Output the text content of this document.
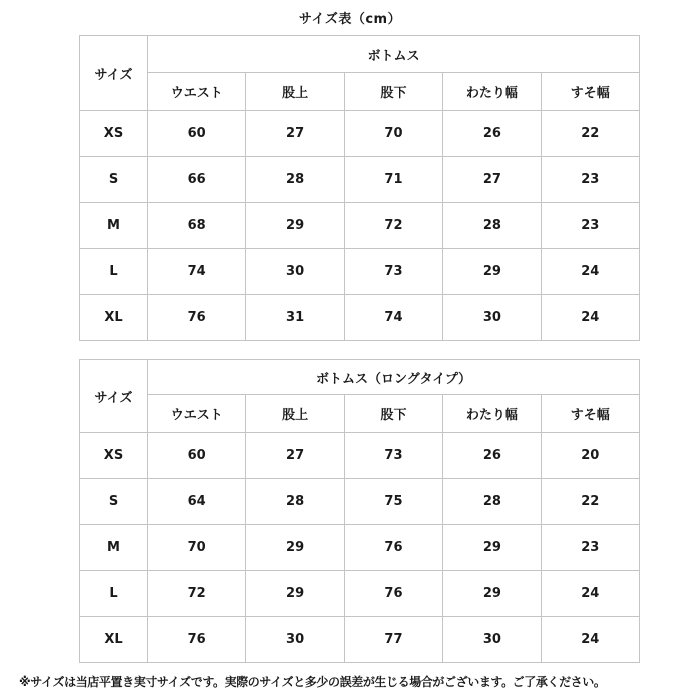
サイズ表（cm）
サイズ	ボトムス				
	ウエスト	股上	股下	わたり幅	すそ幅
XS	60	27	70	26	22
S	66	28	71	27	23
M	68	29	72	28	23
L	74	30	73	29	24
XL	76	31	74	30	24
サイズ	ボトムス（ロングタイプ）				
	ウエスト	股上	股下	わたり幅	すそ幅
XS	60	27	73	26	20
S	64	28	75	28	22
M	70	29	76	29	23
L	72	29	76	29	24
XL	76	30	77	30	24
※サイズは当店平置き実寸サイズです。実際のサイズと多少の誤差が生じる場合がございます。ご了承ください。
